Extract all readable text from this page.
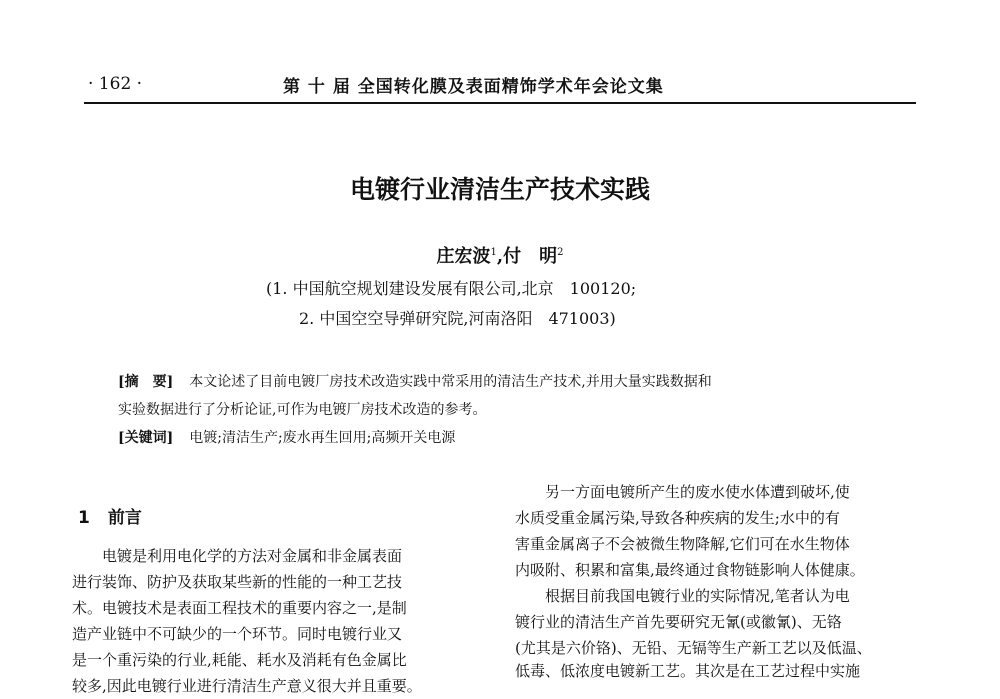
· 162 ·	第 十 届 全国转化膜及表面精饰学术年会论文集
电镀行业清洁生产技术实践
庄宏波$^1$,付　明$^2$
(1. 中国航空规划建设发展有限公司,北京　100120;
2. 中国空空导弹研究院,河南洛阳　471003)
[摘　要] 本文论述了目前电镀厂房技术改造实践中常采用的清洁生产技术,并用大量实践数据和
实验数据进行了分析论证,可作为电镀厂房技术改造的参考。
[关键词] 电镀;清洁生产;废水再生回用;高频开关电源
1 前言
　　电镀是利用电化学的方法对金属和非金属表面
进行装饰、防护及获取某些新的性能的一种工艺技
术。电镀技术是表面工程技术的重要内容之一,是制
造产业链中不可缺少的一个环节。同时电镀行业又
是一个重污染的行业,耗能、耗水及消耗有色金属比
较多,因此电镀行业进行清洁生产意义很大并且重要。
　　另一方面电镀所产生的废水使水体遭到破坏,使
水质受重金属污染,导致各种疾病的发生;水中的有
害重金属离子不会被微生物降解,它们可在水生物体
内吸附、积累和富集,最终通过食物链影响人体健康。
　　根据目前我国电镀行业的实际情况,笔者认为电
镀行业的清洁生产首先要研究无氰(或徽氰)、无铬
(尤其是六价铬)、无铅、无镉等生产新工艺以及低温、
低毒、低浓度电镀新工艺。其次是在工艺过程中实施
